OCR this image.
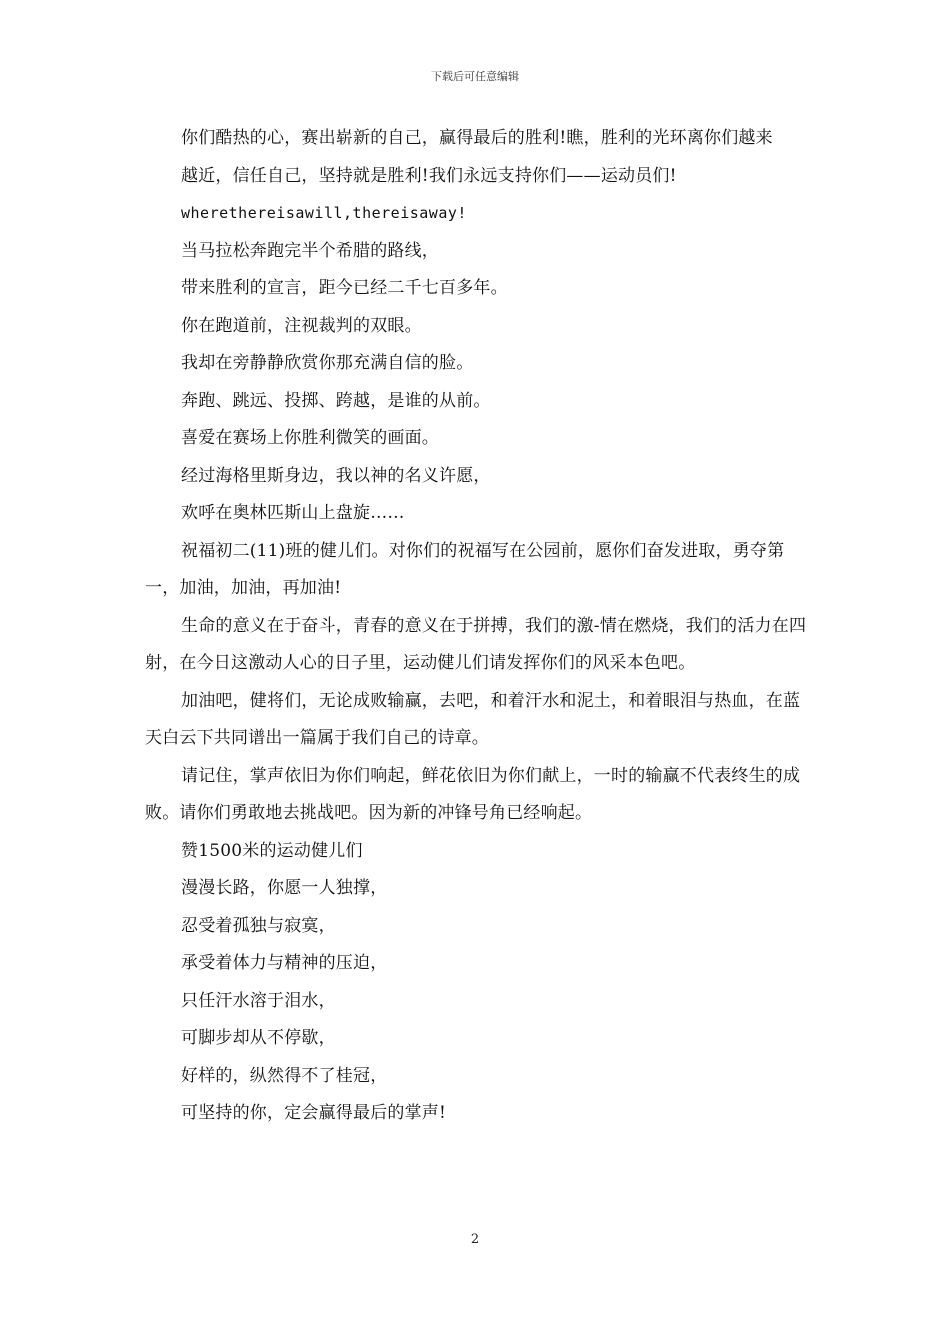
下载后可任意编辑

你们酷热的心，赛出崭新的自己，赢得最后的胜利!瞧，胜利的光环离你们越来

越近，信任自己，坚持就是胜利!我们永远支持你们——运动员们!

wherethereisawill,thereisaway!

当马拉松奔跑完半个希腊的路线，

带来胜利的宣言，距今已经二千七百多年。

你在跑道前，注视裁判的双眼。

我却在旁静静欣赏你那充满自信的脸。

奔跑、跳远、投掷、跨越，是谁的从前。

喜爱在赛场上你胜利微笑的画面。

经过海格里斯身边，我以神的名义许愿，

欢呼在奥林匹斯山上盘旋……

祝福初二(11)班的健儿们。对你们的祝福写在公园前，愿你们奋发进取，勇夺第一，加油，加油，再加油!

生命的意义在于奋斗，青春的意义在于拼搏，我们的激-情在燃烧，我们的活力在四射，在今日这激动人心的日子里，运动健儿们请发挥你们的风采本色吧。

加油吧，健将们，无论成败输赢，去吧，和着汗水和泥土，和着眼泪与热血，在蓝天白云下共同谱出一篇属于我们自己的诗章。

请记住，掌声依旧为你们响起，鲜花依旧为你们献上，一时的输赢不代表终生的成败。请你们勇敢地去挑战吧。因为新的冲锋号角已经响起。

赞1500米的运动健儿们

漫漫长路，你愿一人独撑，

忍受着孤独与寂寞，

承受着体力与精神的压迫，

只任汗水溶于泪水，

可脚步却从不停歇，

好样的，纵然得不了桂冠，

可坚持的你，定会赢得最后的掌声!

2
